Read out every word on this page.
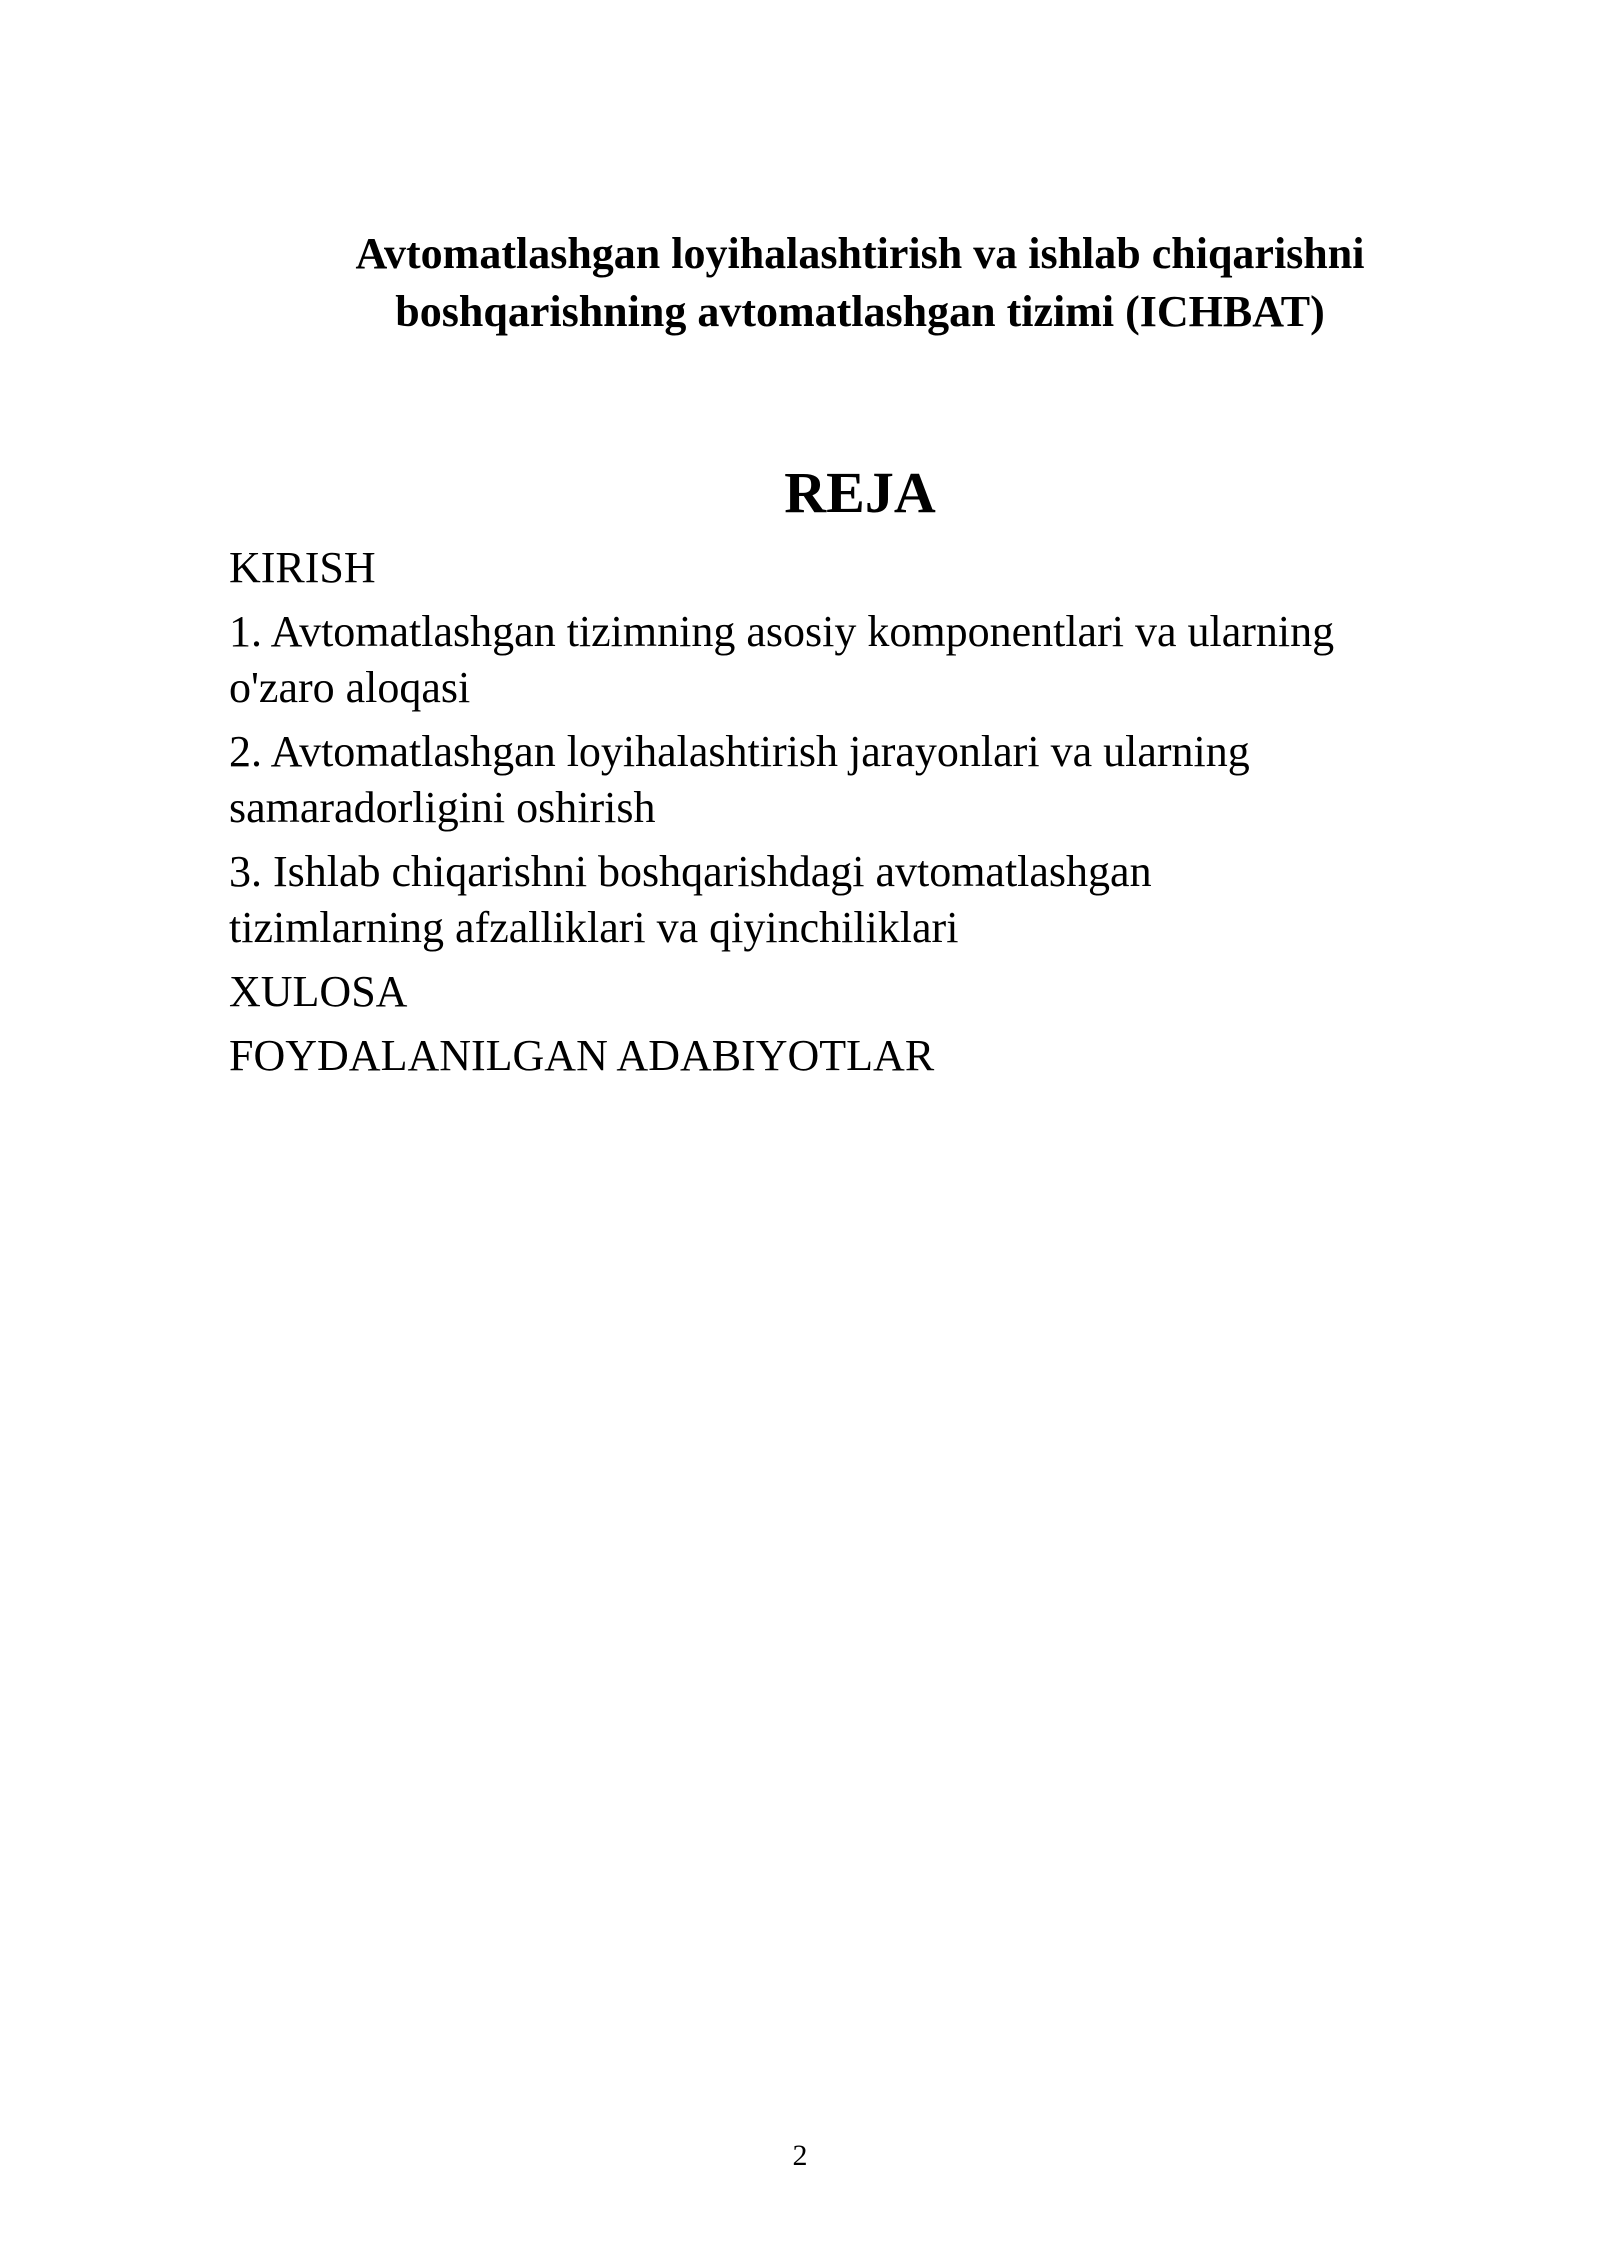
Avtomatlashgan loyihalashtirish va ishlab chiqarishni
boshqarishning avtomatlashgan tizimi (ICHBAT)
REJA
KIRISH
1. Avtomatlashgan tizimning asosiy komponentlari va ularning
o'zaro aloqasi
2. Avtomatlashgan loyihalashtirish jarayonlari va ularning
samaradorligini oshirish
3. Ishlab chiqarishni boshqarishdagi avtomatlashgan
tizimlarning afzalliklari va qiyinchiliklari
XULOSA
FOYDALANILGAN ADABIYOTLAR
2
